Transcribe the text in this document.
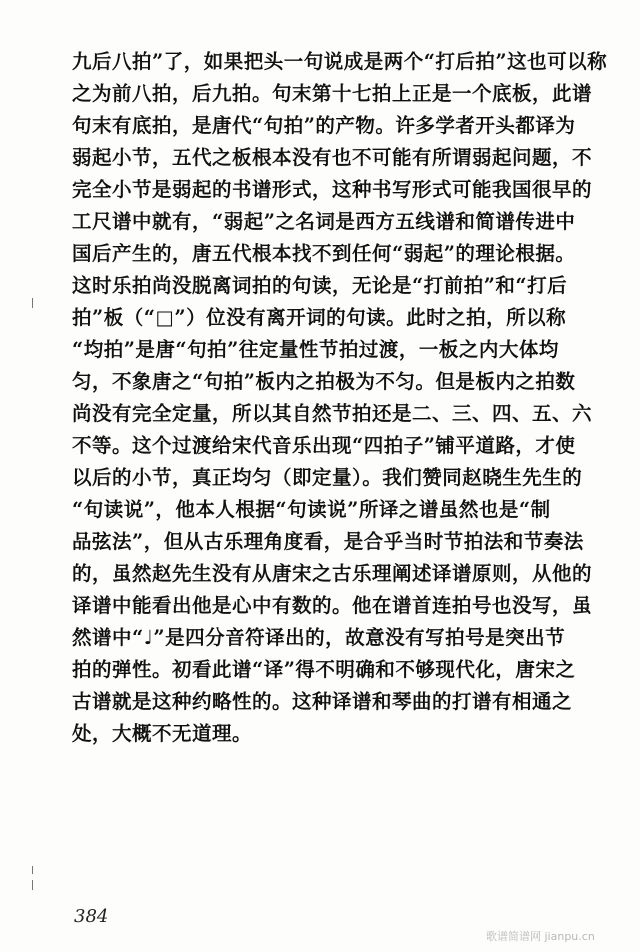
九后八拍”了，如果把头一句说成是两个“打后拍”这也可以称
之为前八拍，后九拍。句末第十七拍上正是一个底板，此谱
句末有底拍，是唐代“句拍”的产物。许多学者开头都译为
弱起小节，五代之板根本没有也不可能有所谓弱起问题，不
完全小节是弱起的书谱形式，这种书写形式可能我国很早的
工尺谱中就有，“弱起”之名词是西方五线谱和简谱传进中
国后产生的，唐五代根本找不到任何“弱起”的理论根据。
这时乐拍尚没脱离词拍的句读，无论是“打前拍”和“打后
拍”板（“□”）位没有离开词的句读。此时之拍，所以称
“均拍”是唐“句拍”往定量性节拍过渡，一板之内大体均
匀，不象唐之“句拍”板内之拍极为不匀。但是板内之拍数
尚没有完全定量，所以其自然节拍还是二、三、四、五、六
不等。这个过渡给宋代音乐出现“四拍子”铺平道路，才使
以后的小节，真正均匀（即定量）。我们赞同赵晓生先生的
“句读说”，他本人根据“句读说”所译之谱虽然也是“制
品弦法”，但从古乐理角度看，是合乎当时节拍法和节奏法
的，虽然赵先生没有从唐宋之古乐理阐述译谱原则，从他的
译谱中能看出他是心中有数的。他在谱首连拍号也没写，虽
然谱中“♩”是四分音符译出的，故意没有写拍号是突出节
拍的弹性。初看此谱“译”得不明确和不够现代化，唐宋之
古谱就是这种约略性的。这种译谱和琴曲的打谱有相通之
处，大概不无道理。
384
歌谱简谱网 jianpu.cn
